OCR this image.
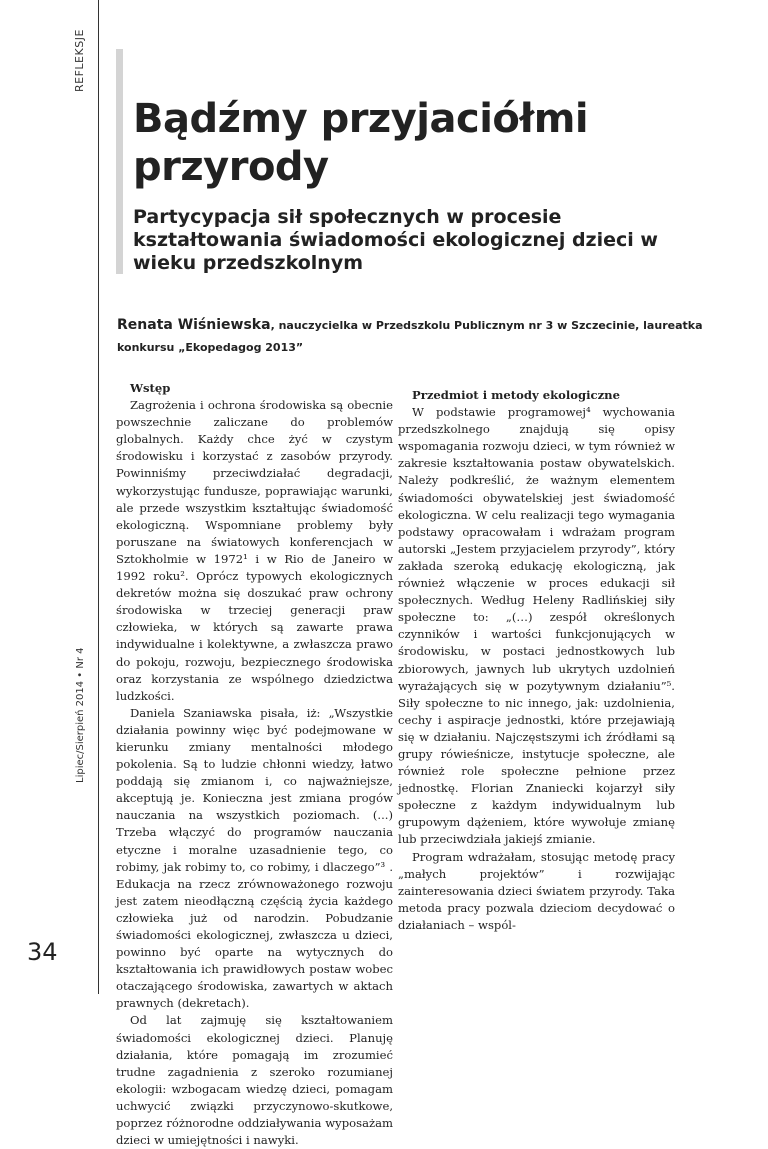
REFLEKSJE
Lipiec/Sierpień 2014 • Nr 4
34
Bądźmy przyjaciółmi przyrody
Partycypacja sił społecznych w procesie kształtowania świadomości ekologicznej dzieci w wieku przedszkolnym
Renata Wiśniewska, nauczycielka w Przedszkolu Publicznym nr 3 w Szczecinie, laureatka konkursu „Ekopedagog 2013”
Wstęp

Zagrożenia i ochrona środowiska są obecnie powszechnie zaliczane do problemów globalnych. Każdy chce żyć w czystym środowisku i korzystać z zasobów przyrody. Powinniśmy przeciwdziałać degradacji, wykorzystując fundusze, poprawiając warunki, ale przede wszystkim kształtując świadomość ekologiczną. Wspomniane problemy były poruszane na światowych konferencjach w Sztokholmie w 1972¹ i w Rio de Janeiro w 1992 roku². Oprócz typowych ekologicznych dekretów można się doszukać praw ochrony środowiska w trzeciej generacji praw człowieka, w których są zawarte prawa indywidualne i kolektywne, a zwłaszcza prawo do pokoju, rozwoju, bezpiecznego środowiska oraz korzystania ze wspólnego dziedzictwa ludzkości.

Daniela Szaniawska pisała, iż: „Wszystkie działania powinny więc być podejmowane w kierunku zmiany mentalności młodego pokolenia. Są to ludzie chłonni wiedzy, łatwo poddają się zmianom i, co najważniejsze, akceptują je. Konieczna jest zmiana progów nauczania na wszystkich poziomach. (...) Trzeba włączyć do programów nauczania etyczne i moralne uzasadnienie tego, co robimy, jak robimy to, co robimy, i dlaczego”³ . Edukacja na rzecz zrównoważonego rozwoju jest zatem nieodłączną częścią życia każdego człowieka już od narodzin. Pobudzanie świadomości ekologicznej, zwłaszcza u dzieci, powinno być oparte na wytycznych do kształtowania ich prawidłowych postaw wobec otaczającego środowiska, zawartych w aktach prawnych (dekretach).

Od lat zajmuję się kształtowaniem świadomości ekologicznej dzieci. Planuję działania, które pomagają im zrozumieć trudne zagadnienia z szeroko rozumianej ekologii: wzbogacam wiedzę dzieci, pomagam uchwycić związki przyczynowo-skutkowe, poprzez różnorodne oddziaływania wyposażam dzieci w umiejętności i nawyki.

Przedmiot i metody ekologiczne

W podstawie programowej⁴ wychowania przedszkolnego znajdują się opisy wspomagania rozwoju dzieci, w tym również w zakresie kształtowania postaw obywatelskich. Należy podkreślić, że ważnym elementem świadomości obywatelskiej jest świadomość ekologiczna. W celu realizacji tego wymagania podstawy opracowałam i wdrażam program autorski „Jestem przyjacielem przyrody”, który zakłada szeroką edukację ekologiczną, jak również włączenie w proces edukacji sił społecznych. Według Heleny Radlińskiej siły społeczne to: „(…) zespół określonych czynników i wartości funkcjonujących w środowisku, w postaci jednostkowych lub zbiorowych, jawnych lub ukrytych uzdolnień wyrażających się w pozytywnym działaniu”⁵. Siły społeczne to nic innego, jak: uzdolnienia, cechy i aspiracje jednostki, które przejawiają się w działaniu. Najczęstszymi ich źródłami są grupy rówieśnicze, instytucje społeczne, ale również role społeczne pełnione przez jednostkę. Florian Znaniecki kojarzył siły społeczne z każdym indywidualnym lub grupowym dążeniem, które wywołuje zmianę lub przeciwdziała jakiejś zmianie.

Program wdrażałam, stosując metodę pracy „małych projektów” i rozwijając zainteresowania dzieci światem przyrody. Taka metoda pracy pozwala dzieciom decydować o działaniach – wspól-
